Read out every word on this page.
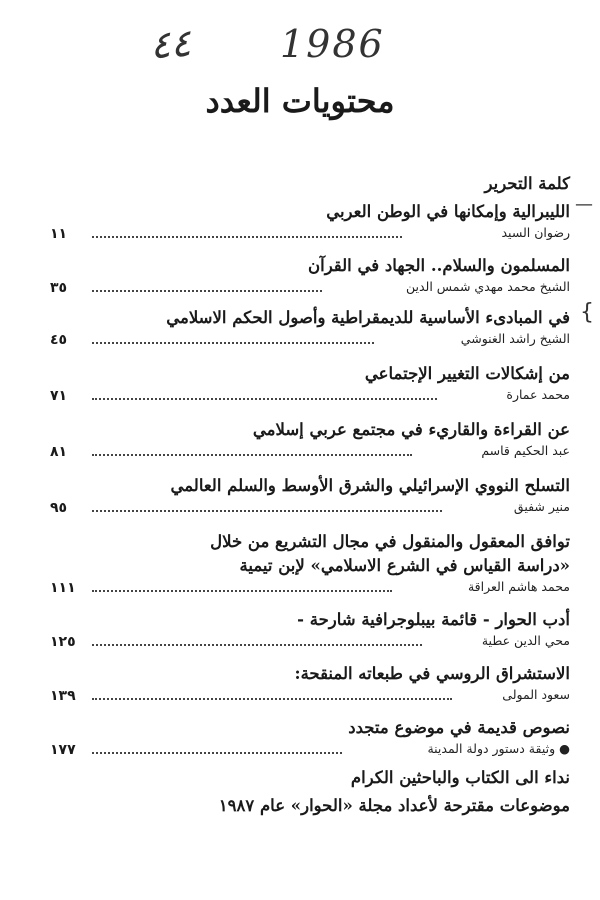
٤٤ 1986
محتويات العدد
كلمة التحرير
الليبرالية وإمكانها في الوطن العربي
١١	رضوان السيد
المسلمون والسلام.. الجهاد في القرآن
٣٥	الشيخ محمد مهدي شمس الدين
في المبادىء الأساسية للديمقراطية وأصول الحكم الاسلامي
٤٥	الشيخ راشد الغنوشي
من إشكالات التغيير الإجتماعي
٧١	محمد عمارة
عن القراءة والقاريء في مجتمع عربي إسلامي
٨١	عبد الحكيم قاسم
التسلح النووي الإسرائيلي والشرق الأوسط والسلم العالمي
٩٥	منير شفيق
توافق المعقول والمنقول في مجال التشريع من خلال
«دراسة القياس في الشرع الاسلامي» لإبن تيمية
١١١	محمد هاشم العراقة
أدب الحوار - قائمة بيبلوجرافية شارحة -
١٢٥	محي الدين عطية
الاستشراق الروسي في طبعاته المنقحة:
١٣٩	سعود المولى
نصوص قديمة في موضوع متجدد
١٧٧	● وثيقة دستور دولة المدينة
نداء الى الكتاب والباحثين الكرام
موضوعات مقترحة لأعداد مجلة «الحوار» عام ١٩٨٧
—
{
